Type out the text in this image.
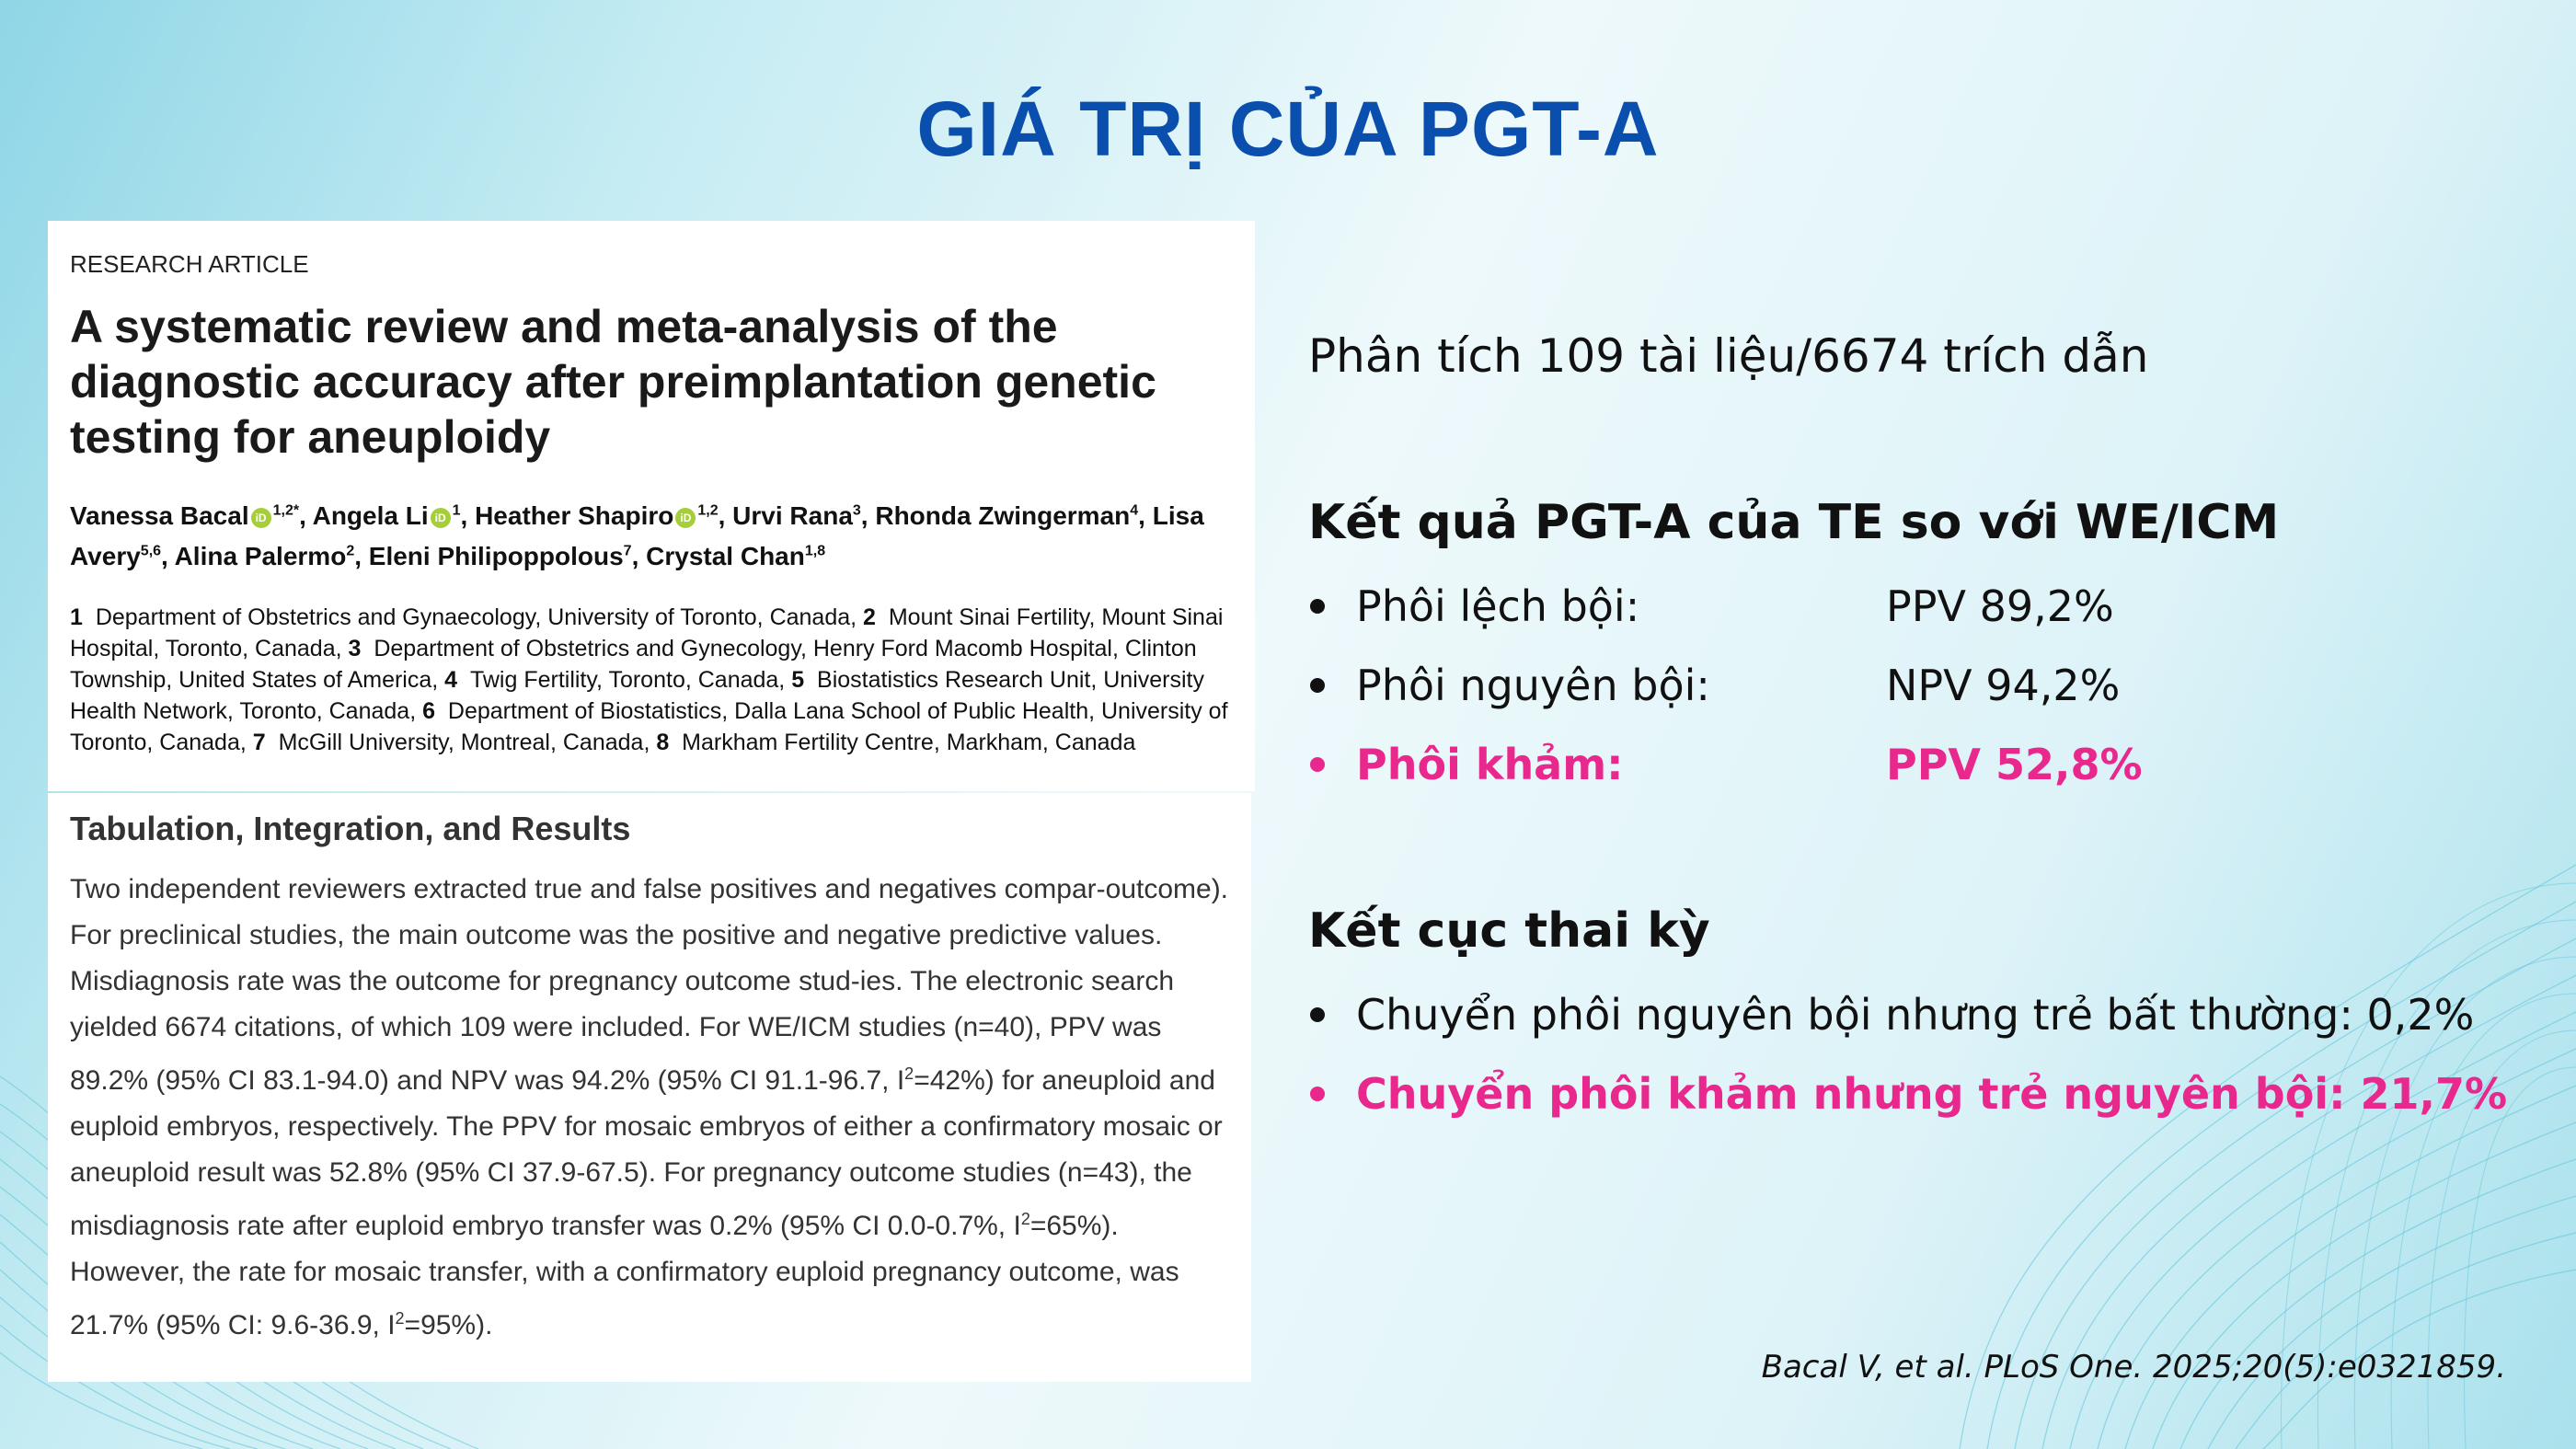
GIÁ TRỊ CỦA PGT-A
RESEARCH ARTICLE
A systematic review and meta-analysis of the diagnostic accuracy after preimplantation genetic testing for aneuploidy
Vanessa Bacal iD $^{1,2*}$, Angela Li iD $^1$, Heather Shapiro iD $^{1,2}$, Urvi Rana$^3$, Rhonda Zwingerman$^4$, Lisa Avery$^{5,6}$, Alina Palermo$^2$, Eleni Philipoppolous$^7$, Crystal Chan$^{1,8}$
1 Department of Obstetrics and Gynaecology, University of Toronto, Canada, 2 Mount Sinai Fertility, Mount Sinai Hospital, Toronto, Canada, 3 Department of Obstetrics and Gynecology, Henry Ford Macomb Hospital, Clinton Township, United States of America, 4 Twig Fertility, Toronto, Canada, 5 Biostatistics Research Unit, University Health Network, Toronto, Canada, 6 Department of Biostatistics, Dalla Lana School of Public Health, University of Toronto, Canada, 7 McGill University, Montreal, Canada, 8 Markham Fertility Centre, Markham, Canada
Tabulation, Integration, and Results
Two independent reviewers extracted true and false positives and negatives compar-outcome). For preclinical studies, the main outcome was the positive and negative predictive values. Misdiagnosis rate was the outcome for pregnancy outcome stud-ies. The electronic search yielded 6674 citations, of which 109 were included. For WE/ICM studies (n=40), PPV was 89.2% (95% CI 83.1-94.0) and NPV was 94.2% (95% CI 91.1-96.7, $I^2=42\%$) for aneuploid and euploid embryos, respectively. The PPV for mosaic embryos of either a confirmatory mosaic or aneuploid result was 52.8% (95% CI 37.9-67.5). For pregnancy outcome studies (n=43), the misdiagnosis rate after euploid embryo transfer was 0.2% (95% CI 0.0-0.7%, $I^2=65\%$). However, the rate for mosaic transfer, with a confirmatory euploid pregnancy outcome, was 21.7% (95% CI: 9.6-36.9, $I^2=95\%$).
Phân tích 109 tài liệu/6674 trích dẫn
Kết quả PGT-A của TE so với WE/ICM
Phôi lệch bội:	PPV 89,2%
Phôi nguyên bội:	NPV 94,2%
Phôi khảm:	PPV 52,8%
Kết cục thai kỳ
Chuyển phôi nguyên bội nhưng trẻ bất thường: 0,2%
Chuyển phôi khảm nhưng trẻ nguyên bội: 21,7%
Bacal V, et al. PLoS One. 2025;20(5):e0321859.
